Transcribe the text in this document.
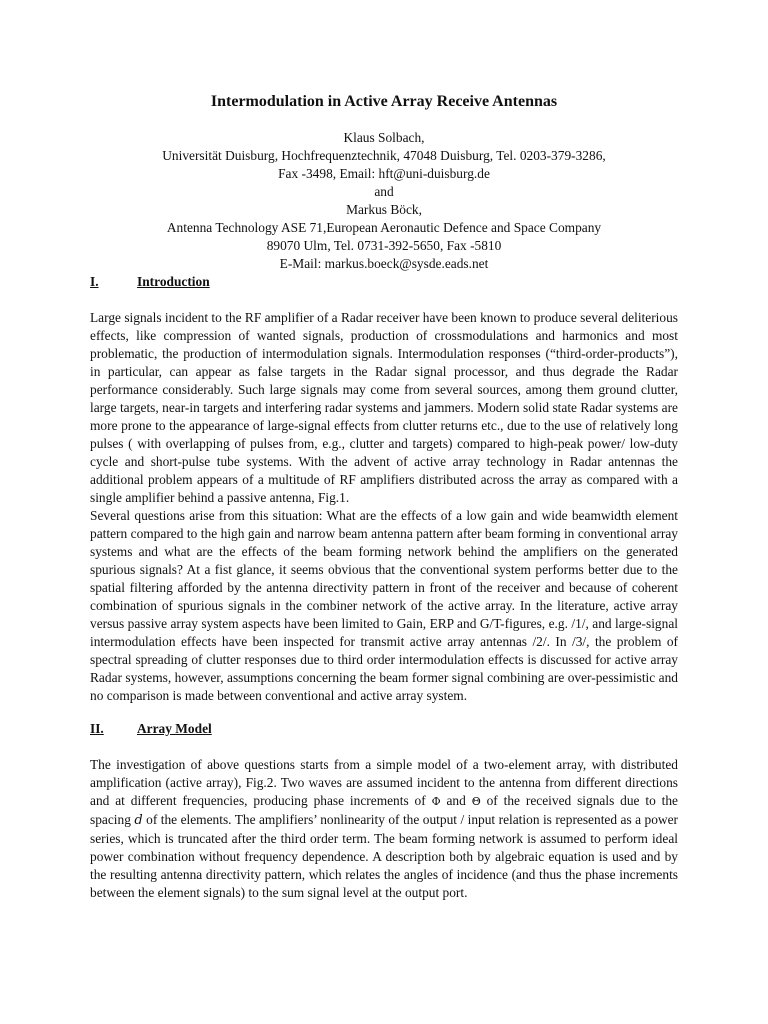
Intermodulation in Active Array Receive Antennas
Klaus Solbach,
Universität Duisburg, Hochfrequenztechnik, 47048 Duisburg, Tel. 0203-379-3286,
Fax -3498, Email: hft@uni-duisburg.de
and
Markus Böck,
Antenna Technology ASE 71,European Aeronautic Defence and Space Company
89070 Ulm, Tel. 0731-392-5650, Fax -5810
E-Mail: markus.boeck@sysde.eads.net
I.	Introduction

Large signals incident to the RF amplifier of a Radar receiver have been known to produce several deliterious effects, like compression of wanted signals, production of crossmodulations and harmonics and most problematic, the production of intermodulation signals. Intermodulation responses (“third-order-products”), in particular, can appear as false targets in the Radar signal processor, and thus degrade the Radar performance considerably. Such large signals may come from several sources, among them ground clutter, large targets, near-in targets and interfering radar systems and jammers. Modern solid state Radar systems are more prone to the appearance of large-signal effects from clutter returns etc., due to the use of relatively long pulses ( with overlapping of pulses from, e.g., clutter and targets) compared to high-peak power/ low-duty cycle and short-pulse tube systems. With the advent of active array technology in Radar antennas the additional problem appears of a multitude of RF amplifiers distributed across the array as compared with a single amplifier behind a passive antenna, Fig.1.

Several questions arise from this situation: What are the effects of a low gain and wide beamwidth element pattern compared to the high gain and narrow beam antenna pattern after beam forming in conventional array systems and what are the effects of the beam forming network behind the amplifiers on the generated spurious signals? At a fist glance, it seems obvious that the conventional system performs better due to the spatial filtering afforded by the antenna directivity pattern in front of the receiver and because of coherent combination of spurious signals in the combiner network of the active array. In the literature, active array versus passive array system aspects have been limited to Gain, ERP and G/T-figures, e.g. /1/, and large-signal intermodulation effects have been inspected for transmit active array antennas /2/. In /3/, the problem of spectral spreading of clutter responses due to third order intermodulation effects is discussed for active array Radar systems, however, assumptions concerning the beam former signal combining are over-pessimistic and no comparison is made between conventional and active array system.

II.	Array Model

The investigation of above questions starts from a simple model of a two-element array, with distributed amplification (active array), Fig.2. Two waves are assumed incident to the antenna from different directions and at different frequencies, producing phase increments of Φ and Θ of the received signals due to the spacing d of the elements. The amplifiers’ nonlinearity of the output / input relation is represented as a power series, which is truncated after the third order term. The beam forming network is assumed to perform ideal power combination without frequency dependence. A description both by algebraic equation is used and by the resulting antenna directivity pattern, which relates the angles of incidence (and thus the phase increments between the element signals) to the sum signal level at the output port.
